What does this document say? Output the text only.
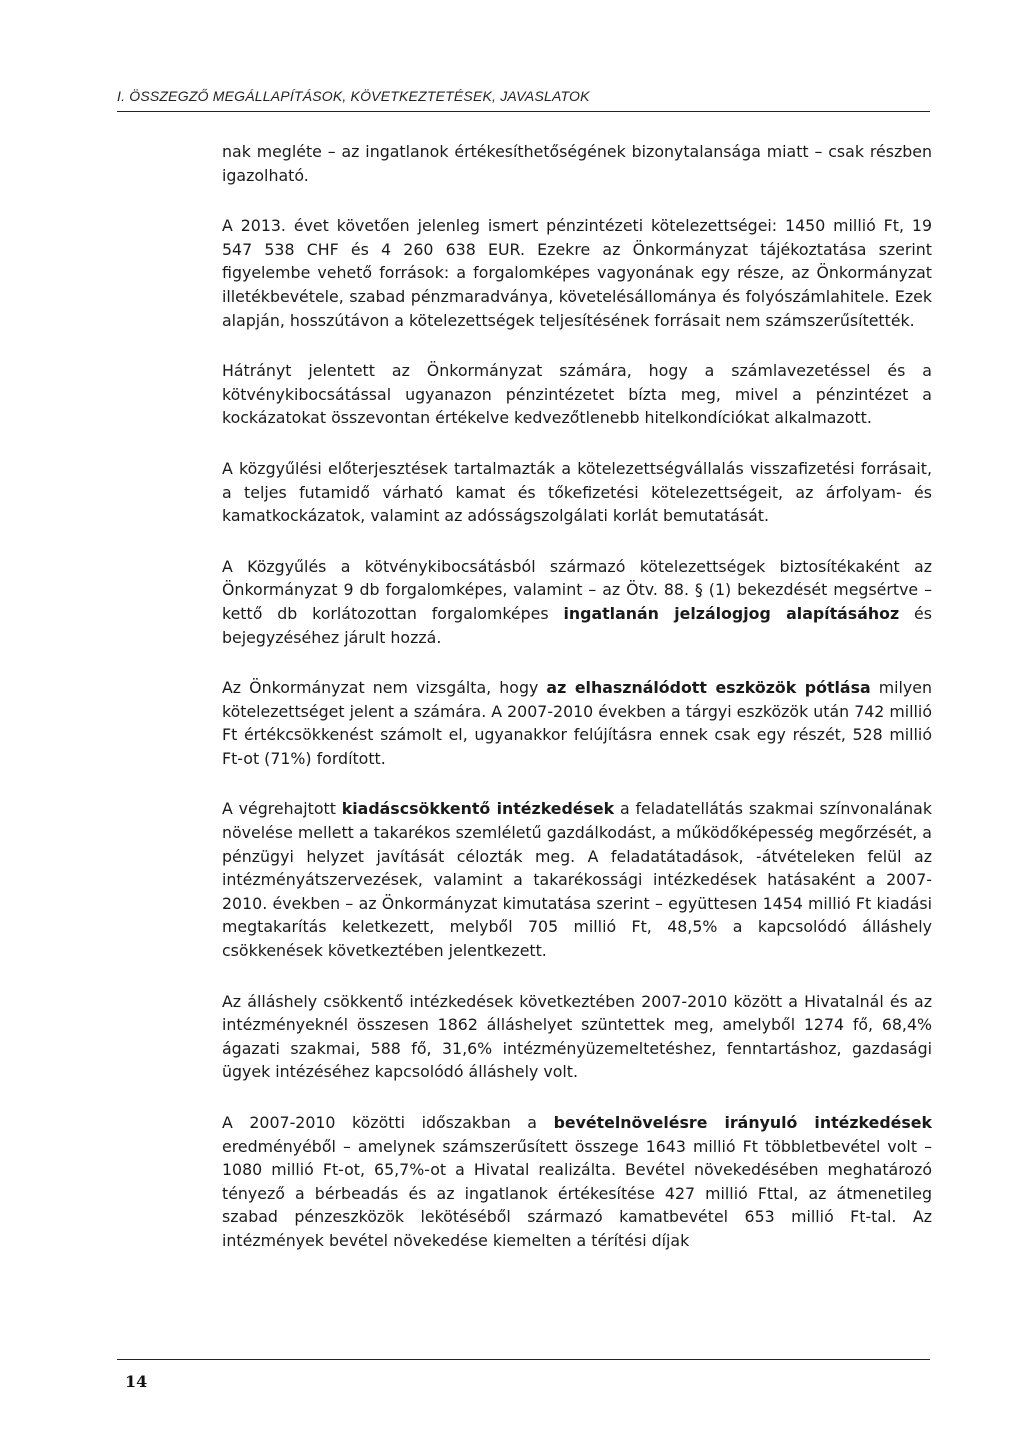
I. ÖSSZEGZŐ MEGÁLLAPÍTÁSOK, KÖVETKEZTETÉSEK, JAVASLATOK

nak megléte – az ingatlanok értékesíthetőségének bizonytalansága miatt – csak részben igazolható.

A 2013. évet követően jelenleg ismert pénzintézeti kötelezettségei: 1450 millió Ft, 19 547 538 CHF és 4 260 638 EUR. Ezekre az Önkormányzat tájékoztatása szerint figyelembe vehető források: a forgalomképes vagyonának egy része, az Önkormányzat illetékbevétele, szabad pénzmaradványa, követelésállománya és folyószámlahitele. Ezek alapján, hosszútávon a kötelezettségek teljesítésének forrásait nem számszerűsítették.

Hátrányt jelentett az Önkormányzat számára, hogy a számlavezetéssel és a kötvénykibocsátással ugyanazon pénzintézetet bízta meg, mivel a pénzintézet a kockázatokat összevontan értékelve kedvezőtlenebb hitelkondíciókat alkalmazott.

A közgyűlési előterjesztések tartalmazták a kötelezettségvállalás visszafizetési forrásait, a teljes futamidő várható kamat és tőkefizetési kötelezettségeit, az árfolyam- és kamatkockázatok, valamint az adósságszolgálati korlát bemutatását.

A Közgyűlés a kötvénykibocsátásból származó kötelezettségek biztosítékaként az Önkormányzat 9 db forgalomképes, valamint – az Ötv. 88. § (1) bekezdését megsértve – kettő db korlátozottan forgalomképes ingatlanán jelzálogjog alapításához és bejegyzéséhez járult hozzá.

Az Önkormányzat nem vizsgálta, hogy az elhasználódott eszközök pótlása milyen kötelezettséget jelent a számára. A 2007-2010 években a tárgyi eszközök után 742 millió Ft értékcsökkenést számolt el, ugyanakkor felújításra ennek csak egy részét, 528 millió Ft-ot (71%) fordított.

A végrehajtott kiadáscsökkentő intézkedések a feladatellátás szakmai színvonalának növelése mellett a takarékos szemléletű gazdálkodást, a működőképesség megőrzését, a pénzügyi helyzet javítását célozták meg. A feladatátadások, -átvételeken felül az intézményátszervezések, valamint a takarékossági intézkedések hatásaként a 2007-2010. években – az Önkormányzat kimutatása szerint – együttesen 1454 millió Ft kiadási megtakarítás keletkezett, melyből 705 millió Ft, 48,5% a kapcsolódó álláshely csökkenések következtében jelentkezett.

Az álláshely csökkentő intézkedések következtében 2007-2010 között a Hivatalnál és az intézményeknél összesen 1862 álláshelyet szüntettek meg, amelyből 1274 fő, 68,4% ágazati szakmai, 588 fő, 31,6% intézményüzemeltetéshez, fenntartáshoz, gazdasági ügyek intézéséhez kapcsolódó álláshely volt.

A 2007-2010 közötti időszakban a bevételnövelésre irányuló intézkedések eredményéből – amelynek számszerűsített összege 1643 millió Ft többletbevétel volt – 1080 millió Ft-ot, 65,7%-ot a Hivatal realizálta. Bevétel növekedésében meghatározó tényező a bérbeadás és az ingatlanok értékesítése 427 millió Fttal, az átmenetileg szabad pénzeszközök lekötéséből származó kamatbevétel 653 millió Ft-tal. Az intézmények bevétel növekedése kiemelten a térítési díjak

14
